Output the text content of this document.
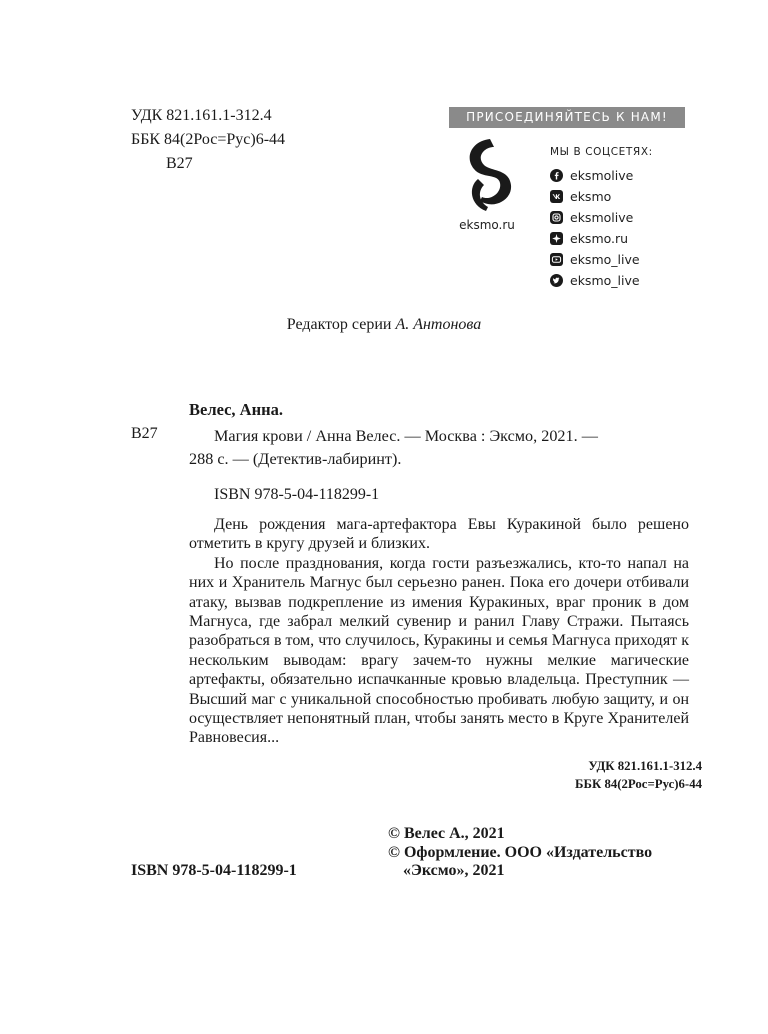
УДК 821.161.1-312.4
ББК 84(2Рос=Рус)6-44
В27
ПРИСОЕДИНЯЙТЕСЬ К НАМ!
eksmo.ru
МЫ В СОЦСЕТЯХ:
eksmolive
eksmo
eksmolive
eksmo.ru
eksmo_live
eksmo_live
Редактор серии А. Антонова
Велес, Анна.
В27	Магия крови / Анна Велес. — Москва : Эксмо, 2021. —
288 с. — (Детектив-лабиринт).
ISBN 978-5-04-118299-1

День рождения мага-артефактора Евы Куракиной было решено отметить в кругу друзей и близких.

Но после празднования, когда гости разъезжались, кто-то напал на них и Хранитель Магнус был серьезно ранен. Пока его дочери отбивали атаку, вызвав подкрепление из имения Куракиных, враг проник в дом Магнуса, где забрал мелкий сувенир и ранил Главу Стражи. Пытаясь разобраться в том, что случилось, Куракины и семья Магнуса приходят к нескольким выводам: врагу зачем-то нужны мелкие магические артефакты, обязательно испачканные кровью владельца. Преступник — Высший маг с уникальной способностью пробивать любую защиту, и он осуществляет непонятный план, чтобы занять место в Круге Хранителей Равновесия...

УДК 821.161.1-312.4
ББК 84(2Рос=Рус)6-44
© Велес А., 2021
© Оформление. ООО «Издательство
«Эксмо», 2021
ISBN 978-5-04-118299-1
